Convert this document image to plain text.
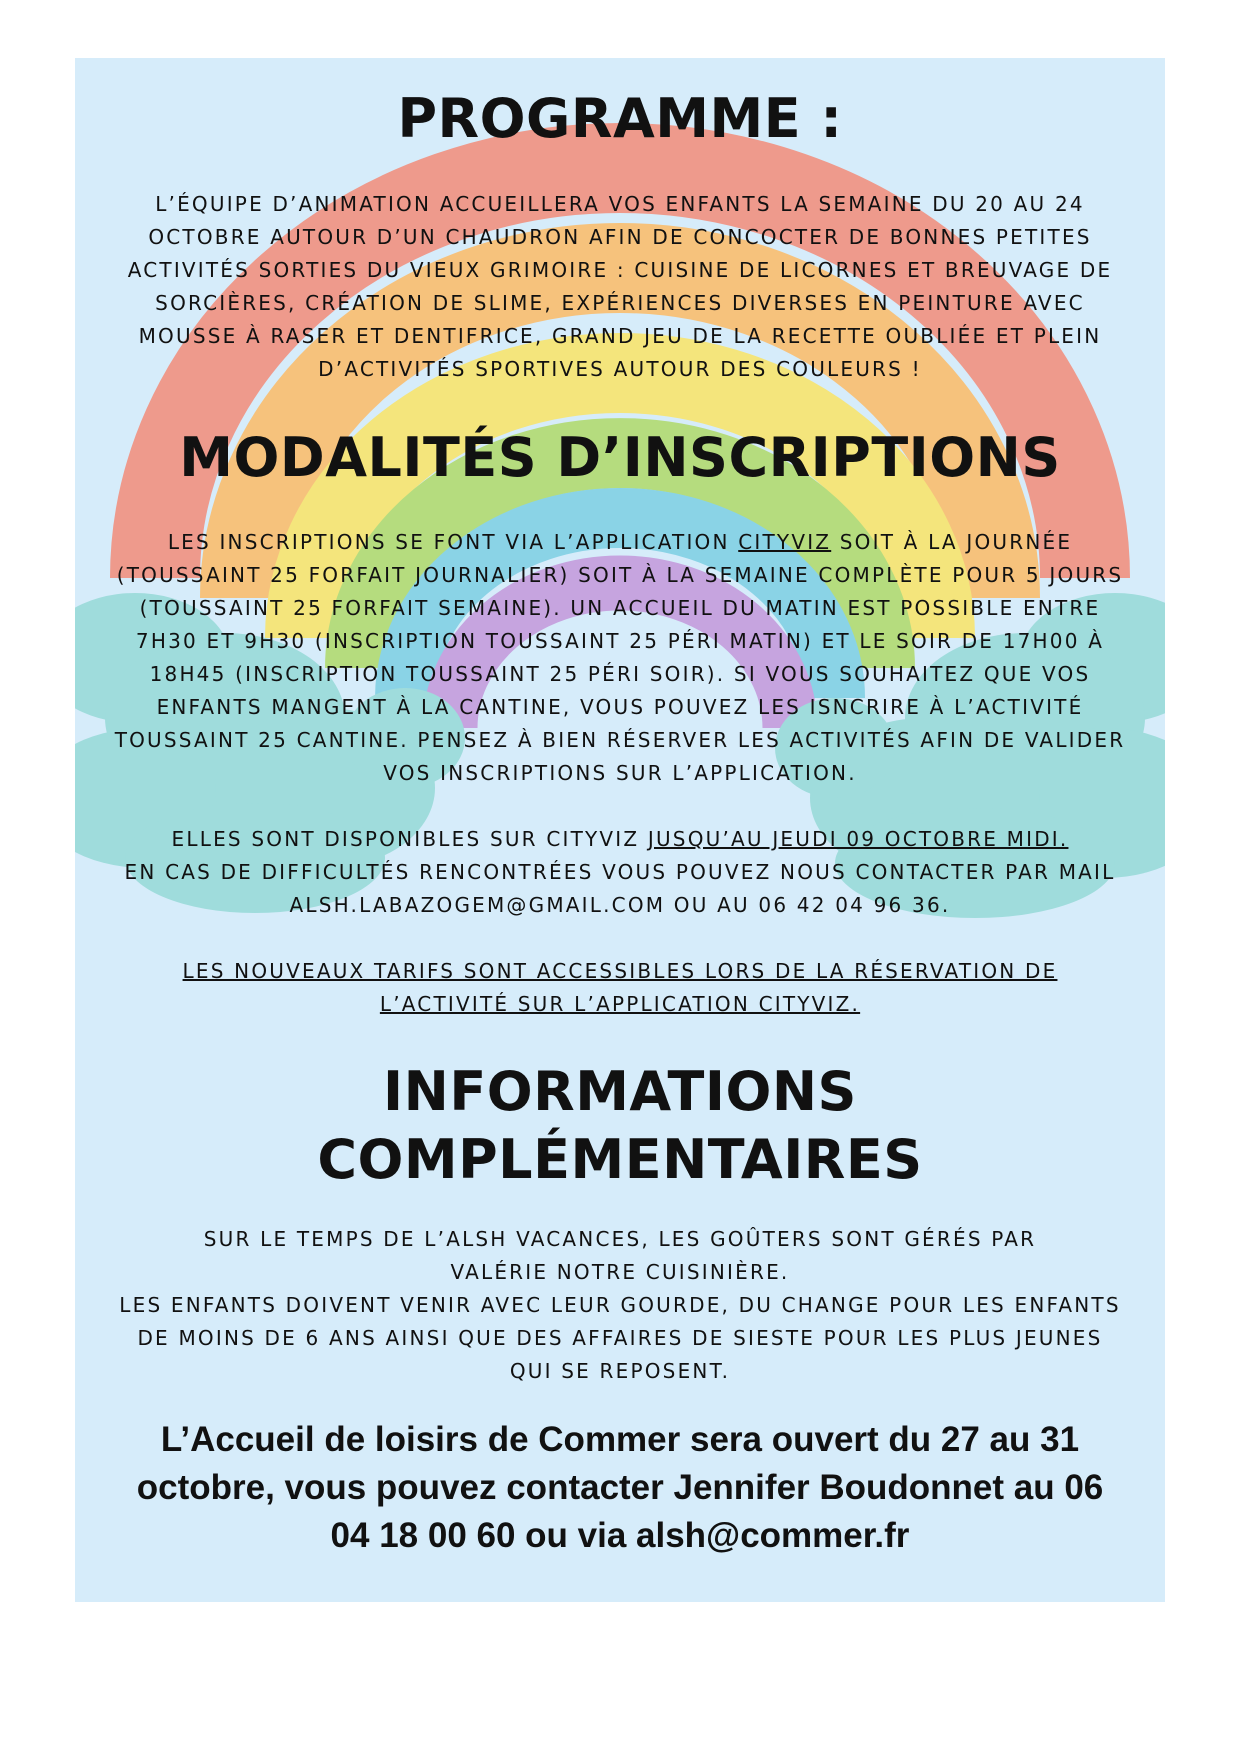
PROGRAMME :

L’ÉQUIPE D’ANIMATION ACCUEILLERA VOS ENFANTS LA SEMAINE DU 20 AU 24 OCTOBRE AUTOUR D’UN CHAUDRON AFIN DE CONCOCTER DE BONNES PETITES ACTIVITÉS SORTIES DU VIEUX GRIMOIRE : CUISINE DE LICORNES ET BREUVAGE DE SORCIÈRES, CRÉATION DE SLIME, EXPÉRIENCES DIVERSES EN PEINTURE AVEC MOUSSE À RASER ET DENTIFRICE, GRAND JEU DE LA RECETTE OUBLIÉE ET PLEIN D’ACTIVITÉS SPORTIVES AUTOUR DES COULEURS !

MODALITÉS D’INSCRIPTIONS

LES INSCRIPTIONS SE FONT VIA L’APPLICATION CITYVIZ SOIT À LA JOURNÉE (TOUSSAINT 25 FORFAIT JOURNALIER) SOIT À LA SEMAINE COMPLÈTE POUR 5 JOURS (TOUSSAINT 25 FORFAIT SEMAINE). UN ACCUEIL DU MATIN EST POSSIBLE ENTRE 7H30 ET 9H30 (INSCRIPTION TOUSSAINT 25 PÉRI MATIN) ET LE SOIR DE 17H00 À 18H45 (INSCRIPTION TOUSSAINT 25 PÉRI SOIR). SI VOUS SOUHAITEZ QUE VOS ENFANTS MANGENT À LA CANTINE, VOUS POUVEZ LES ISNCRIRE À L’ACTIVITÉ TOUSSAINT 25 CANTINE. PENSEZ À BIEN RÉSERVER LES ACTIVITÉS AFIN DE VALIDER VOS INSCRIPTIONS SUR L’APPLICATION.

ELLES SONT DISPONIBLES SUR CITYVIZ JUSQU’AU JEUDI 09 OCTOBRE MIDI.
EN CAS DE DIFFICULTÉS RENCONTRÉES VOUS POUVEZ NOUS CONTACTER PAR MAIL ALSH.LABAZOGEM@GMAIL.COM OU AU 06 42 04 96 36.

LES NOUVEAUX TARIFS SONT ACCESSIBLES LORS DE LA RÉSERVATION DE L’ACTIVITÉ SUR L’APPLICATION CITYVIZ.

INFORMATIONS
COMPLÉMENTAIRES

SUR LE TEMPS DE L’ALSH VACANCES, LES GOÛTERS SONT GÉRÉS PAR VALÉRIE NOTRE CUISINIÈRE.

LES ENFANTS DOIVENT VENIR AVEC LEUR GOURDE, DU CHANGE POUR LES ENFANTS DE MOINS DE 6 ANS AINSI QUE DES AFFAIRES DE SIESTE POUR LES PLUS JEUNES QUI SE REPOSENT.

L’Accueil de loisirs de Commer sera ouvert du 27 au 31 octobre, vous pouvez contacter Jennifer Boudonnet au 06 04 18 00 60 ou via alsh@commer.fr
